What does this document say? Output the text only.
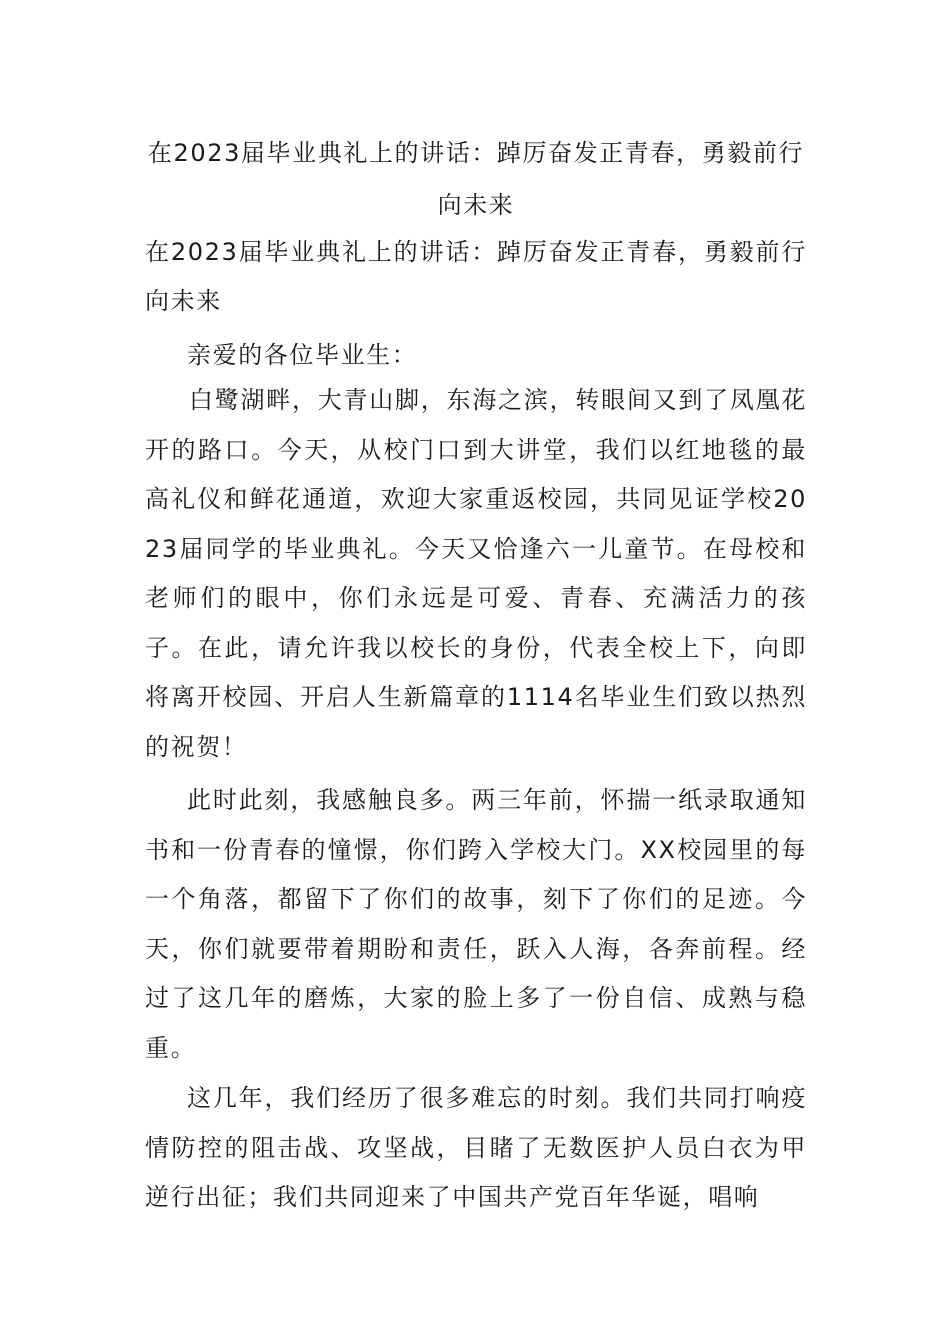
在2023届毕业典礼上的讲话：踔厉奋发正青春，勇毅前行向未来
在2023届毕业典礼上的讲话：踔厉奋发正青春，勇毅前行向未来
亲爱的各位毕业生：
白鹭湖畔，大青山脚，东海之滨，转眼间又到了凤凰花开的路口。今天，从校门口到大讲堂，我们以红地毯的最高礼仪和鲜花通道，欢迎大家重返校园，共同见证学校2023届同学的毕业典礼。今天又恰逢六一儿童节。在母校和老师们的眼中，你们永远是可爱、青春、充满活力的孩子。在此，请允许我以校长的身份，代表全校上下，向即将离开校园、开启人生新篇章的1114名毕业生们致以热烈的祝贺！
此时此刻，我感触良多。两三年前，怀揣一纸录取通知书和一份青春的憧憬，你们跨入学校大门。XX校园里的每一个角落，都留下了你们的故事，刻下了你们的足迹。今天，你们就要带着期盼和责任，跃入人海，各奔前程。经过了这几年的磨炼，大家的脸上多了一份自信、成熟与稳重。
这几年，我们经历了很多难忘的时刻。我们共同打响疫情防控的阻击战、攻坚战，目睹了无数医护人员白衣为甲逆行出征；我们共同迎来了中国共产党百年华诞，唱响
